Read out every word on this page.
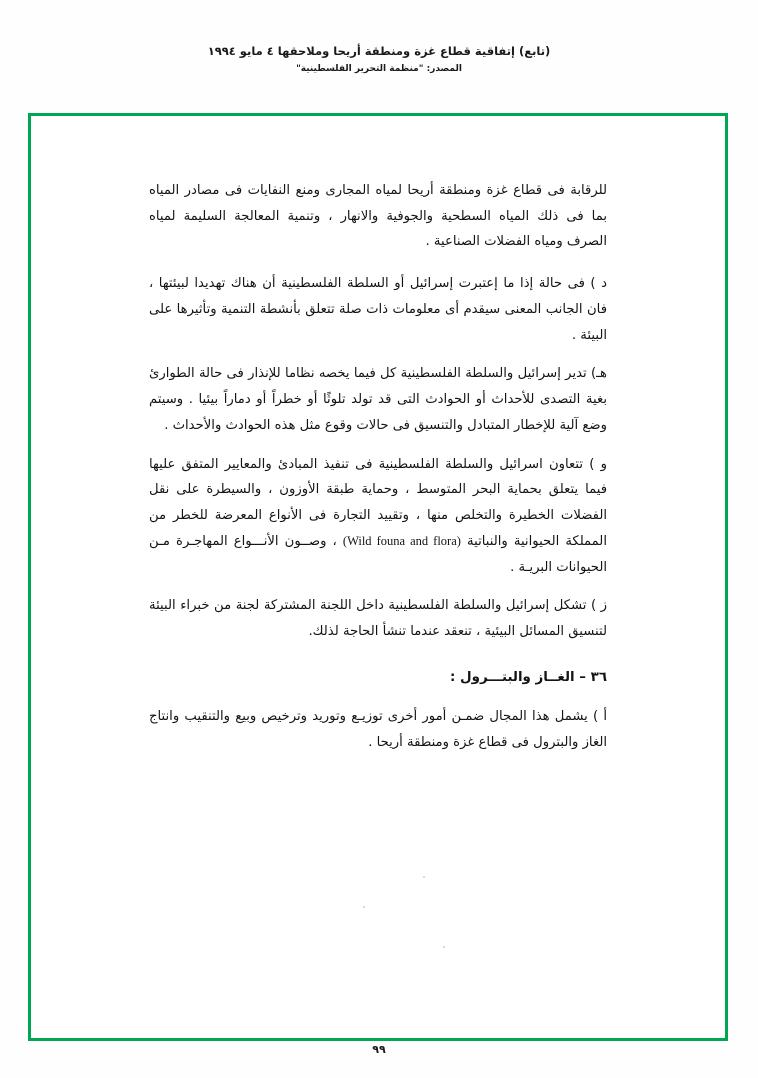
(تابع) إتفاقية قطاع غزة ومنطقة أريحا وملاحقها ٤ مايو ١٩٩٤
المصدر: "منظمة التحرير الفلسطينية"

للرقابة فى قطاع غزة ومنطقة أريحا لمياه المجارى ومنع النفايات فى مصادر المياه بما فى ذلك المياه السطحية والجوفية والانهار ، وتنمية المعالجة السليمة لمياه الصرف ومياه الفضلات الصناعية .

د ) فى حالة إذا ما إعتبرت إسرائيل أو السلطة الفلسطينية أن هناك تهديدا لبيئتها ، فان الجانب المعنى سيقدم أى معلومات ذات صلة تتعلق بأنشطة التنمية وتأثيرها على البيئة .

هـ) تدير إسرائيل والسلطة الفلسطينية كل فيما يخصه نظاما للإنذار فى حالة الطوارئ بغية التصدى للأحداث أو الحوادث التى قد تولد تلوثًا أو خطراً أو دماراً بيئيا . وسيتم وضع آلية للإخطار المتبادل والتنسيق فى حالات وقوع مثل هذه الحوادث والأحداث .

و ) تتعاون اسرائيل والسلطة الفلسطينية فى تنفيذ المبادئ والمعايير المتفق عليها فيما يتعلق بحماية البحر المتوسط ، وحماية طبقة الأوزون ، والسيطرة على نقل الفضلات الخطيرة والتخلص منها ، وتقييد التجارة فى الأنواع المعرضة للخطر من المملكة الحيوانية والنباتية (Wild founa and flora) ، وصــون الأنـــواع المهاجـرة مـن الحيوانات البريـة .

ز ) تشكل إسرائيل والسلطة الفلسطينية داخل اللجنة المشتركة لجنة من خبراء البيئة لتنسيق المسائل البيئية ، تنعقد عندما تنشأ الحاجة لذلك.

٣٦ – الغــاز والبتـــرول :

أ ) يشمل هذا المجال ضمـن أمور أخرى توزيـع وتوريد وترخيص وبيع والتنقيب وانتاج الغاز والبترول فى قطاع غزة ومنطقة أريحا .

٩٩
